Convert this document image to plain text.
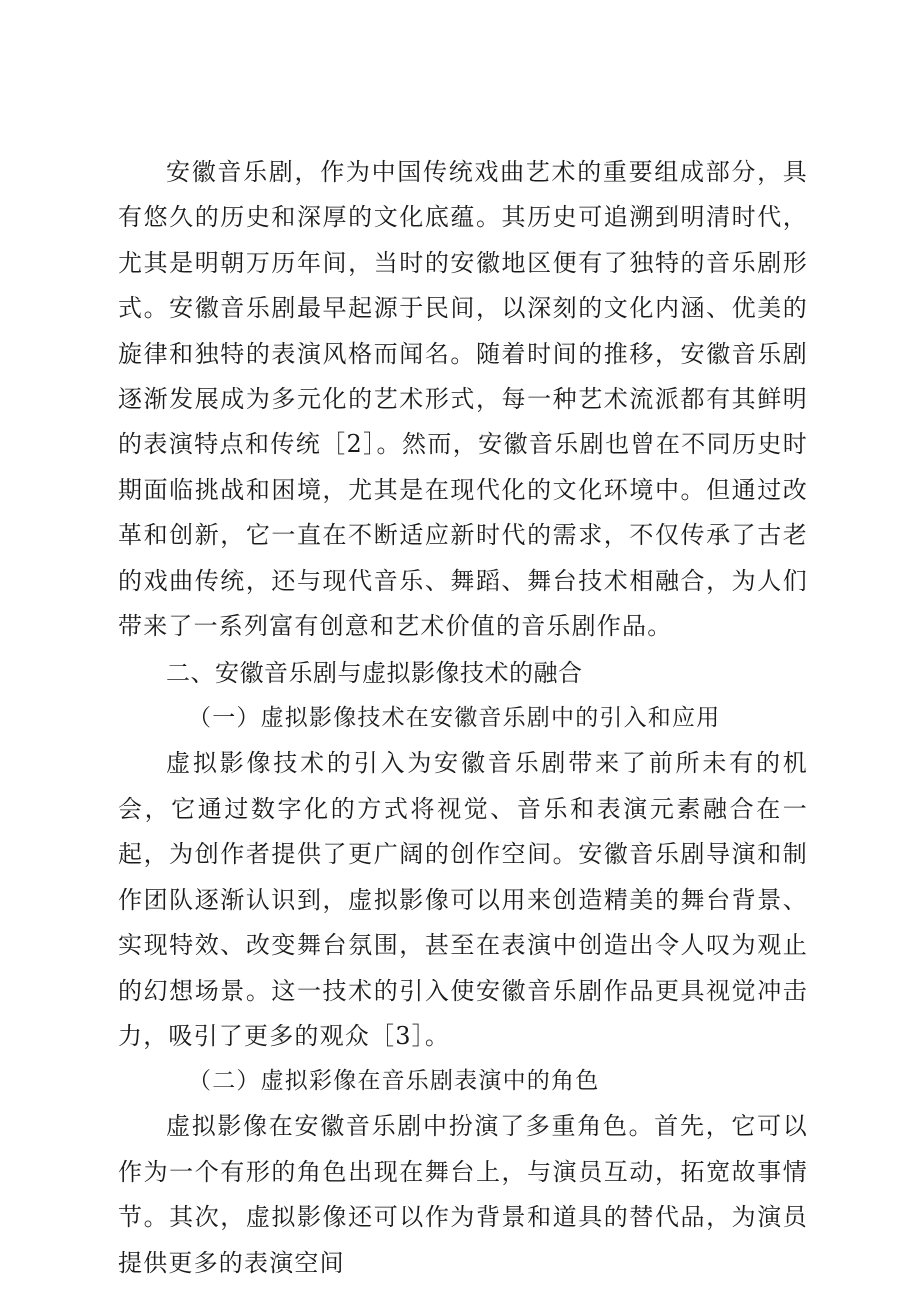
安徽音乐剧，作为中国传统戏曲艺术的重要组成部分，具有悠久的历史和深厚的文化底蕴。其历史可追溯到明清时代，尤其是明朝万历年间，当时的安徽地区便有了独特的音乐剧形式。安徽音乐剧最早起源于民间，以深刻的文化内涵、优美的旋律和独特的表演风格而闻名。随着时间的推移，安徽音乐剧逐渐发展成为多元化的艺术形式，每一种艺术流派都有其鲜明的表演特点和传统［2］。然而，安徽音乐剧也曾在不同历史时期面临挑战和困境，尤其是在现代化的文化环境中。但通过改革和创新，它一直在不断适应新时代的需求，不仅传承了古老的戏曲传统，还与现代音乐、舞蹈、舞台技术相融合，为人们带来了一系列富有创意和艺术价值的音乐剧作品。

二、安徽音乐剧与虚拟影像技术的融合
（一）虚拟影像技术在安徽音乐剧中的引入和应用

虚拟影像技术的引入为安徽音乐剧带来了前所未有的机会，它通过数字化的方式将视觉、音乐和表演元素融合在一起，为创作者提供了更广阔的创作空间。安徽音乐剧导演和制作团队逐渐认识到，虚拟影像可以用来创造精美的舞台背景、实现特效、改变舞台氛围，甚至在表演中创造出令人叹为观止的幻想场景。这一技术的引入使安徽音乐剧作品更具视觉冲击力，吸引了更多的观众［3］。

（二）虚拟彩像在音乐剧表演中的角色

虚拟影像在安徽音乐剧中扮演了多重角色。首先，它可以作为一个有形的角色出现在舞台上，与演员互动，拓宽故事情节。其次，虚拟影像还可以作为背景和道具的替代品，为演员提供更多的表演空间
